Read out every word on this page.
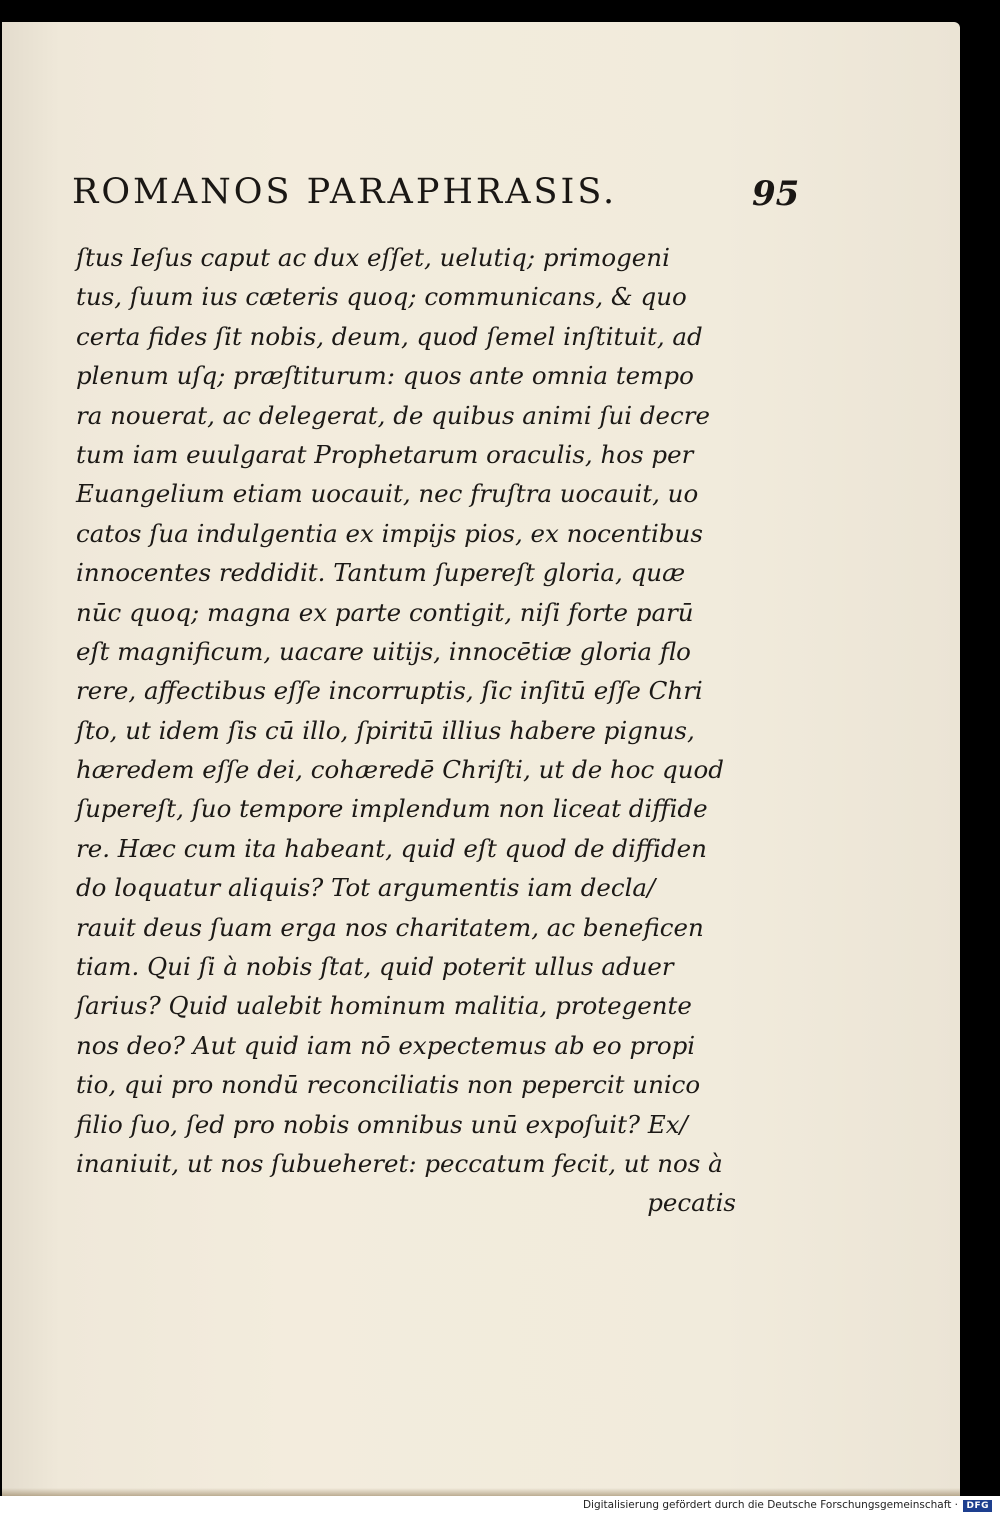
ROMANOS PARAPHRASIS.	95
ſtus Ieſus caput ac dux eſſet, uelutiq; primogeni
tus, ſuum ius cæteris quoq; communicans, & quo
certa fides ſit nobis, deum, quod ſemel inſtituit, ad
plenum uſq; præſtiturum: quos ante omnia tempo
ra nouerat, ac delegerat, de quibus animi ſui decre
tum iam euulgarat Prophetarum oraculis, hos per
Euangelium etiam uocauit, nec fruſtra uocauit, uo
catos ſua indulgentia ex impijs pios, ex nocentibus
innocentes reddidit. Tantum ſupereſt gloria, quæ
nūc quoq; magna ex parte contigit, niſi forte parū
eſt magnificum, uacare uitijs, innocētiæ gloria flo
rere, affectibus eſſe incorruptis, ſic inſitū eſſe Chri
ſto, ut idem ſis cū illo, ſpiritū illius habere pignus,
hæredem eſſe dei, cohæredē Chriſti, ut de hoc quod
ſupereſt, ſuo tempore implendum non liceat diffide
re. Hæc cum ita habeant, quid eſt quod de diffiden
do loquatur aliquis? Tot argumentis iam decla/
rauit deus ſuam erga nos charitatem, ac beneficen
tiam. Qui ſi à nobis ſtat, quid poterit ullus aduer
ſarius? Quid ualebit hominum malitia, protegente
nos deo? Aut quid iam nō expectemus ab eo propi
tio, qui pro nondū reconciliatis non pepercit unico
filio ſuo, ſed pro nobis omnibus unū expoſuit? Ex/
inaniuit, ut nos ſubueheret: peccatum fecit, ut nos à
pecatis
Digitalisierung gefördert durch die Deutsche Forschungsgemeinschaft · DFG
